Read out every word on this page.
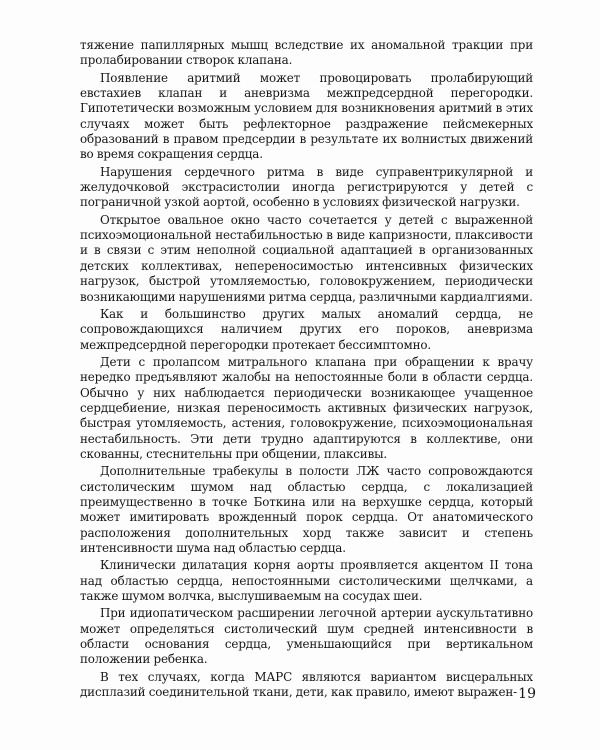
тяжение папиллярных мышц вследствие их аномальной тракции при пролабировании створок клапана.

Появление аритмий может провоцировать пролабирующий евстахиев клапан и аневризма межпредсердной перегородки. Гипотетически возможным условием для возникновения аритмий в этих случаях может быть рефлекторное раздражение пейсмекерных образований в правом предсердии в результате их волнистых движений во время сокращения сердца.

Нарушения сердечного ритма в виде суправентрикулярной и желудочковой экстрасистолии иногда регистрируются у детей с пограничной узкой аортой, особенно в условиях физической нагрузки.

Открытое овальное окно часто сочетается у детей с выраженной психоэмоциональной нестабильностью в виде капризности, плаксивости и в связи с этим неполной социальной адаптацией в организованных детских коллективах, непереносимостью интенсивных физических нагрузок, быстрой утомляемостью, головокружением, периодически возникающими нарушениями ритма сердца, различными кардиалгиями.

Как и большинство других малых аномалий сердца, не сопровождающихся наличием других его пороков, аневризма межпредсердной перегородки протекает бессимптомно.

Дети с пролапсом митрального клапана при обращении к врачу нередко предъявляют жалобы на непостоянные боли в области сердца. Обычно у них наблюдается периодически возникающее учащенное сердцебиение, низкая переносимость активных физических нагрузок, быстрая утомляемость, астения, головокружение, психоэмоциональная нестабильность. Эти дети трудно адаптируются в коллективе, они скованны, стеснительны при общении, плаксивы.

Дополнительные трабекулы в полости ЛЖ часто сопровождаются систолическим шумом над областью сердца, с локализацией преимущественно в точке Боткина или на верхушке сердца, который может имитировать врожденный порок сердца. От анатомического расположения дополнительных хорд также зависит и степень интенсивности шума над областью сердца.

Клинически дилатация корня аорты проявляется акцентом II тона над областью сердца, непостоянными систолическими щелчками, а также шумом волчка, выслушиваемым на сосудах шеи.

При идиопатическом расширении легочной артерии аускультативно может определяться систолический шум средней интенсивности в области основания сердца, уменьшающийся при вертикальном положении ребенка.

В тех случаях, когда МАРС являются вариантом висцеральных дисплазий соединительной ткани, дети, как правило, имеют выражен- 19
